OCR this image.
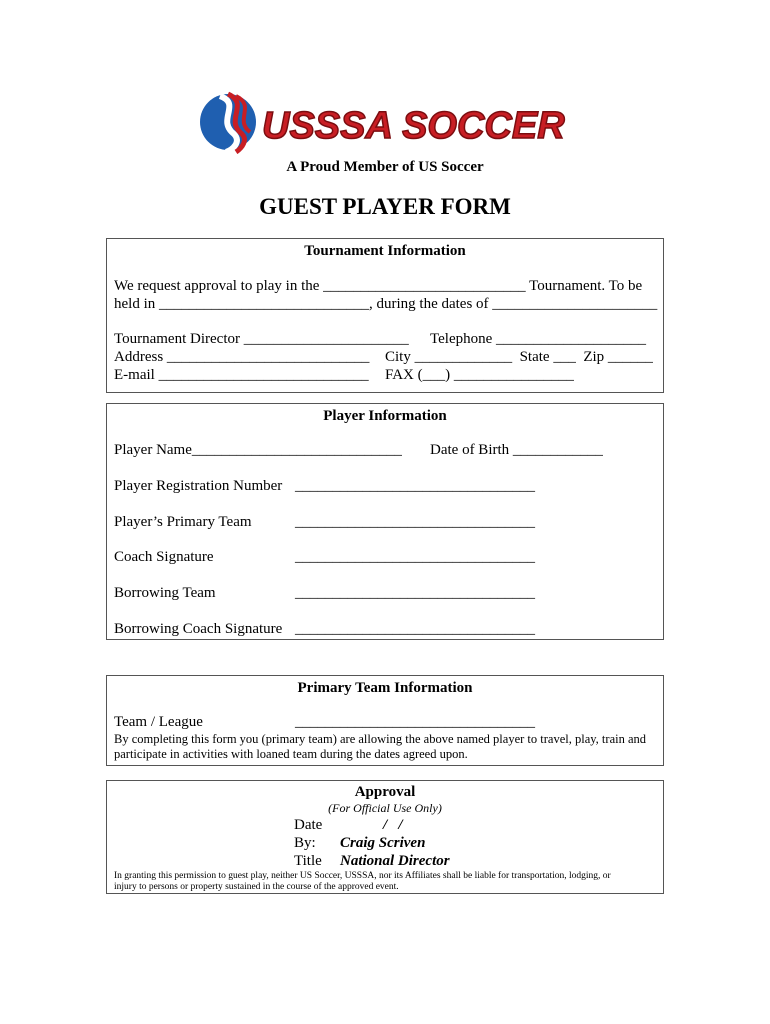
USSSA SOCCER
A Proud Member of US Soccer
GUEST PLAYER FORM
Tournament Information
We request approval to play in the ___________________________ Tournament. To be
held in ____________________________, during the dates of ______________________
Tournament Director ______________________ Telephone ____________________
Address ___________________________ City _____________  State ___  Zip ______
E-mail ____________________________ FAX (___) ________________
Player Information
Player Name____________________________ Date of Birth ____________
Player Registration Number ________________________________
Player’s Primary Team	________________________________
Coach Signature	________________________________
Borrowing Team	________________________________
Borrowing Coach Signature ________________________________
Primary Team Information
Team / League	________________________________
By completing this form you (primary team) are allowing the above named player to travel, play, train and
participate in activities with loaned team during the dates agreed upon.
Approval
(For Official Use Only)
Date	/   /
By: Craig Scriven
Title National Director
In granting this permission to guest play, neither US Soccer, USSSA, nor its Affiliates shall be liable for transportation, lodging, or
injury to persons or property sustained in the course of the approved event.
